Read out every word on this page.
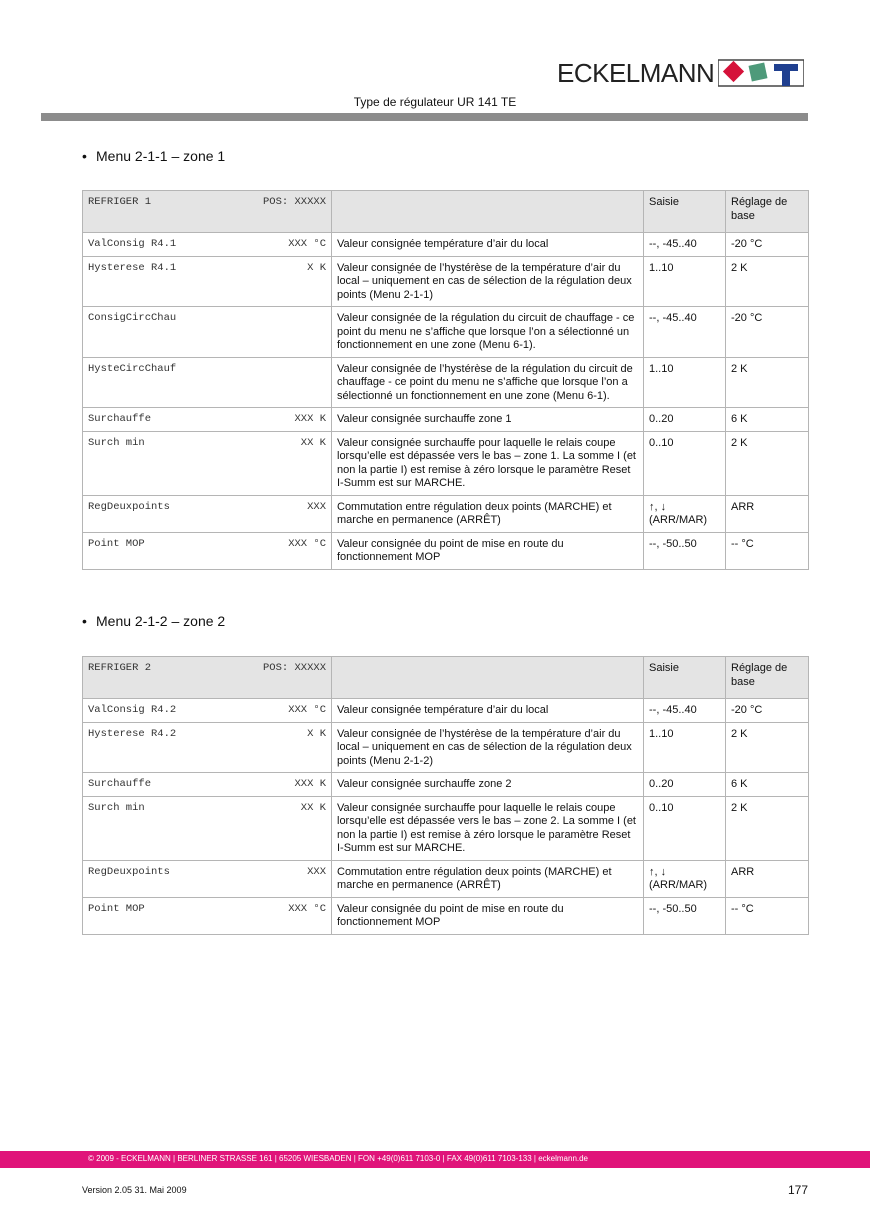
ECKELMANN
Type de régulateur UR 141 TE
• Menu 2-1-1 – zone 1
REFRIGER 1 POS: XXXXX		Saisie	Réglage de base

ValConsig R4.1 XXX °C	Valeur consignée température d’air du local	--, -45..40	-20 °C

Hysterese R4.1 X K	Valeur consignée de l’hystérèse de la température d’air du local – uniquement en cas de sélection de la régulation deux points (Menu 2-1-1)	1..10	2 K

ConsigCircChau	Valeur consignée de la régulation du circuit de chauffage - ce point du menu ne s’affiche que lorsque l’on a sélectionné un fonctionnement en une zone (Menu 6-1).	--, -45..40	-20 °C

HysteCircChauf	Valeur consignée de l’hystérèse de la régulation du circuit de chauffage - ce point du menu ne s’affiche que lorsque l’on a sélectionné un fonctionnement en une zone (Menu 6-1).	1..10	2 K

Surchauffe XXX K	Valeur consignée surchauffe zone 1	0..20	6 K

Surch min XX K	Valeur consignée surchauffe pour laquelle le relais coupe lorsqu’elle est dépassée vers le bas – zone 1. La somme I (et non la partie I) est remise à zéro lorsque le paramètre Reset I-Summ est sur MARCHE.	0..10	2 K

RegDeuxpoints XXX	Commutation entre régulation deux points (MARCHE) et marche en permanence (ARRÊT)	↑, ↓ (ARR/MAR)	ARR

Point MOP XXX °C	Valeur consignée du point de mise en route du fonctionnement MOP	--, -50..50	-- °C
• Menu 2-1-2 – zone 2
REFRIGER 2 POS: XXXXX		Saisie	Réglage de base

ValConsig R4.2 XXX °C	Valeur consignée température d’air du local	--, -45..40	-20 °C

Hysterese R4.2 X K	Valeur consignée de l’hystérèse de la température d’air du local – uniquement en cas de sélection de la régulation deux points (Menu 2-1-2)	1..10	2 K

Surchauffe XXX K	Valeur consignée surchauffe zone 2	0..20	6 K

Surch min XX K	Valeur consignée surchauffe pour laquelle le relais coupe lorsqu’elle est dépassée vers le bas – zone 2. La somme I (et non la partie I) est remise à zéro lorsque le paramètre Reset I-Summ est sur MARCHE.	0..10	2 K

RegDeuxpoints XXX	Commutation entre régulation deux points (MARCHE) et marche en permanence (ARRÊT)	↑, ↓ (ARR/MAR)	ARR

Point MOP XXX °C	Valeur consignée du point de mise en route du fonctionnement MOP	--, -50..50	-- °C
© 2009 - ECKELMANN | BERLINER STRASSE 161 | 65205 WIESBADEN | FON +49(0)611 7103-0 | FAX 49(0)611 7103-133 | eckelmann.de
Version 2.05 31. Mai 2009	177
